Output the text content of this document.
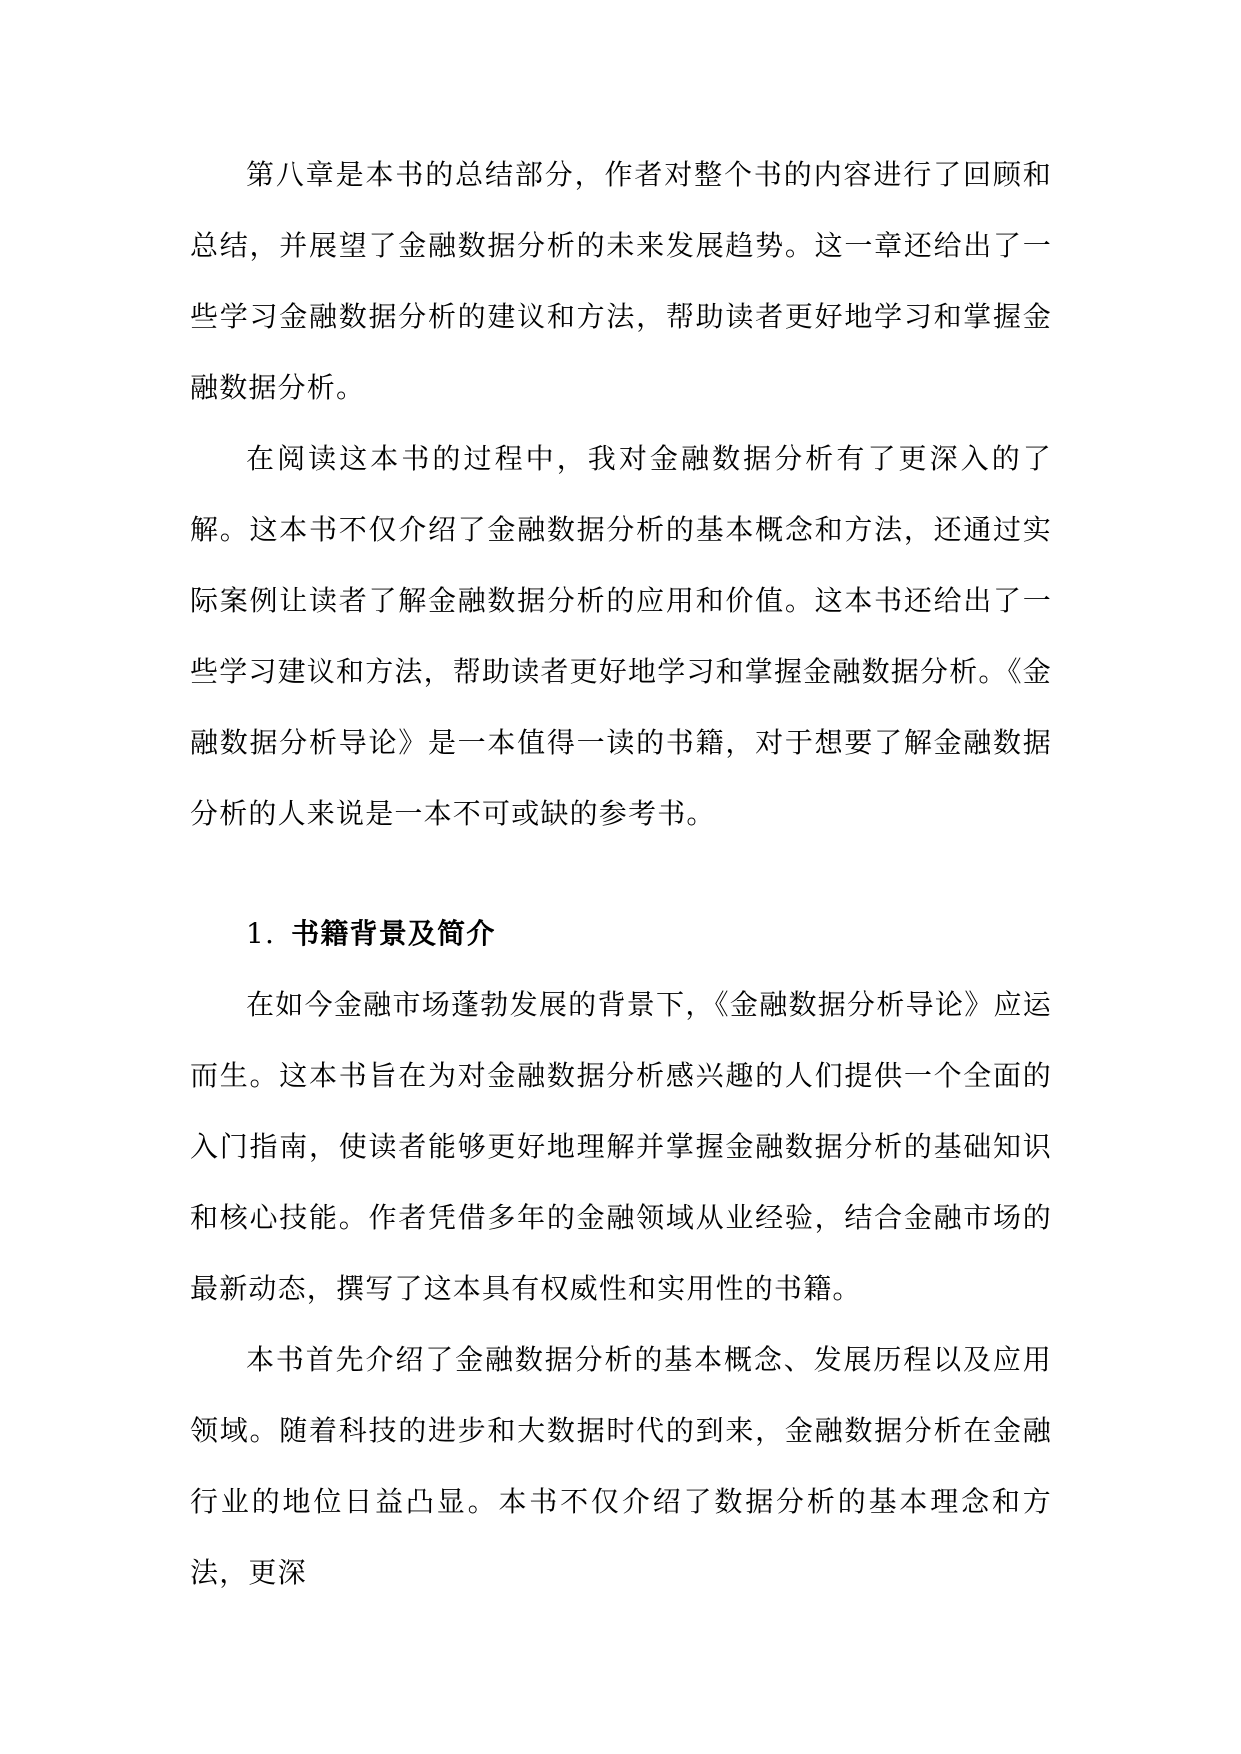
第八章是本书的总结部分，作者对整个书的内容进行了回顾和总结，并展望了金融数据分析的未来发展趋势。这一章还给出了一些学习金融数据分析的建议和方法，帮助读者更好地学习和掌握金融数据分析。

在阅读这本书的过程中，我对金融数据分析有了更深入的了解。这本书不仅介绍了金融数据分析的基本概念和方法，还通过实际案例让读者了解金融数据分析的应用和价值。这本书还给出了一些学习建议和方法，帮助读者更好地学习和掌握金融数据分析。《金融数据分析导论》是一本值得一读的书籍，对于想要了解金融数据分析的人来说是一本不可或缺的参考书。

1. 书籍背景及简介

在如今金融市场蓬勃发展的背景下，《金融数据分析导论》应运而生。这本书旨在为对金融数据分析感兴趣的人们提供一个全面的入门指南，使读者能够更好地理解并掌握金融数据分析的基础知识和核心技能。作者凭借多年的金融领域从业经验，结合金融市场的最新动态，撰写了这本具有权威性和实用性的书籍。

本书首先介绍了金融数据分析的基本概念、发展历程以及应用领域。随着科技的进步和大数据时代的到来，金融数据分析在金融行业的地位日益凸显。本书不仅介绍了数据分析的基本理念和方法，更深
